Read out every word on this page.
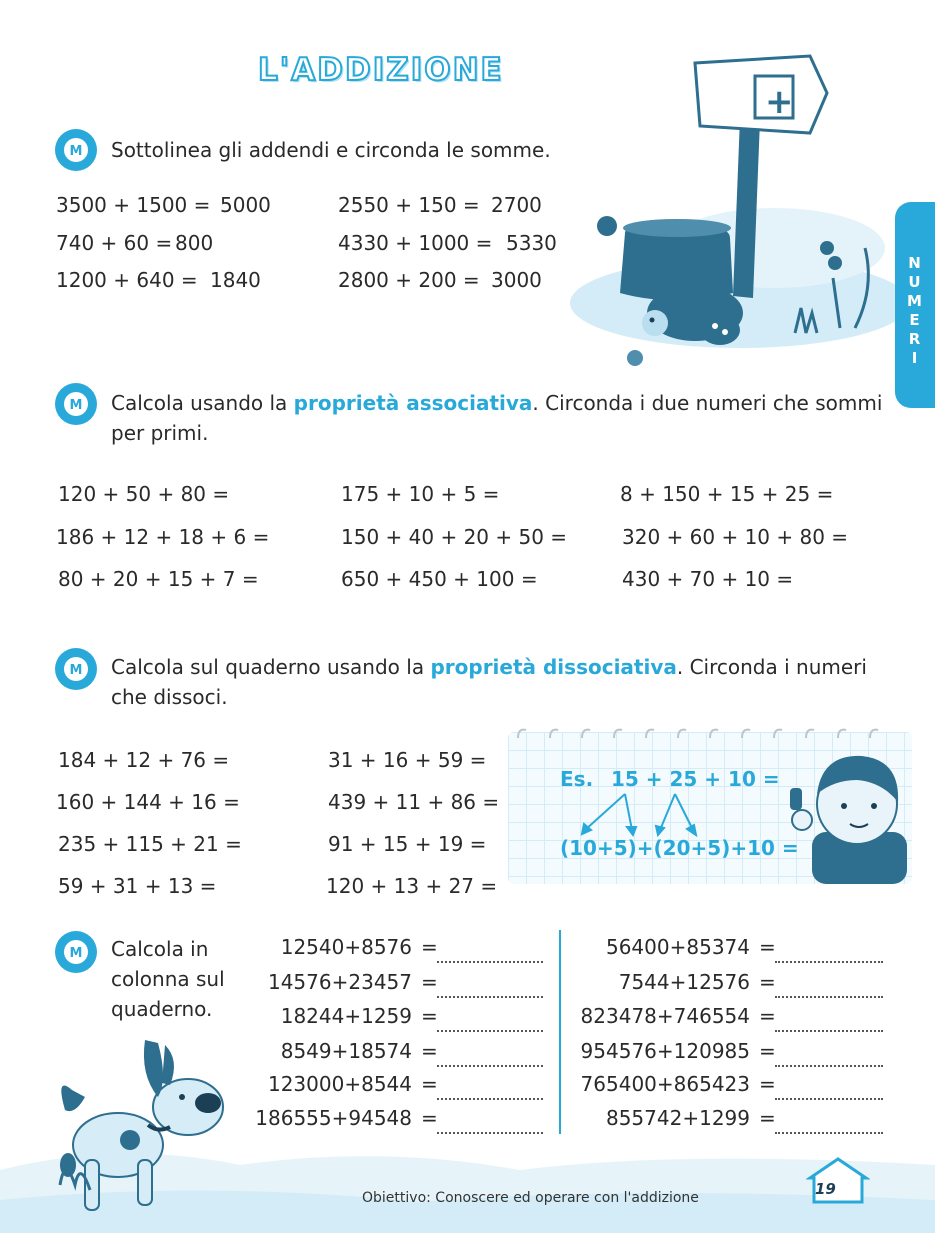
L'ADDIZIONE
N
U
M
E
R
I
+
M Sottolinea gli addendi e circonda le somme.
3500 + 1500 = 5000
740 + 60 = 800
1200 + 640 = 1840
2550 + 150 = 2700
4330 + 1000 = 5330
2800 + 200 = 3000
M Calcola usando la proprietà associativa. Circonda i due numeri che sommi per primi.
120 + 50 + 80 =
186 + 12 + 18 + 6 =
80 + 20 + 15 + 7 =
175 + 10 + 5 =
150 + 40 + 20 + 50 =
650 + 450 + 100 =
8 + 150 + 15 + 25 =
320 + 60 + 10 + 80 =
430 + 70 + 10 =
M Calcola sul quaderno usando la proprietà dissociativa. Circonda i numeri che dissoci.
184 + 12 + 76 =
160 + 144 + 16 =
235 + 115 + 21 =
59 + 31 + 13 =
31 + 16 + 59 =
439 + 11 + 86 =
91 + 15 + 19 =
120 + 13 + 27 =
Es. 15 + 25 + 10 =
(10+5)+(20+5)+10 =
M Calcola in
colonna sul
quaderno.
12540+8576
14576+23457
18244+1259
8549+18574
123000+8544
186555+94548
=
=
=
=
=
=
56400+85374
7544+12576
823478+746554
954576+120985
765400+865423
855742+1299
=
=
=
=
=
=
Obiettivo: Conoscere ed operare con l'addizione	19
